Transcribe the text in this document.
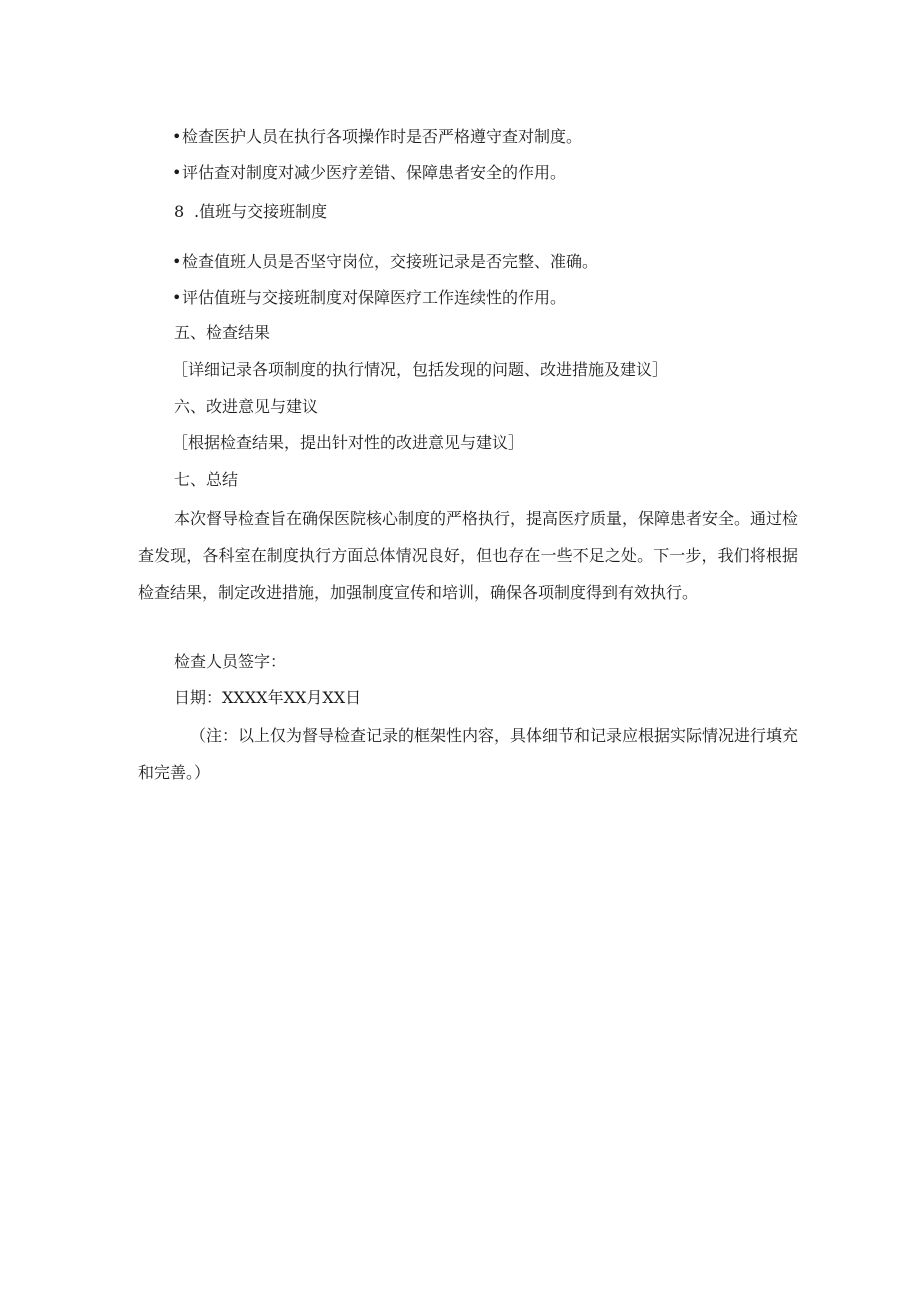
•检查医护人员在执行各项操作时是否严格遵守查对制度。
•评估查对制度对减少医疗差错、保障患者安全的作用。
8 .值班与交接班制度
•检查值班人员是否坚守岗位，交接班记录是否完整、准确。
•评估值班与交接班制度对保障医疗工作连续性的作用。
五、检查结果
［详细记录各项制度的执行情况，包括发现的问题、改进措施及建议］
六、改进意见与建议
［根据检查结果，提出针对性的改进意见与建议］
七、总结
本次督导检查旨在确保医院核心制度的严格执行，提高医疗质量，保障患者安全。通过检查发现，各科室在制度执行方面总体情况良好，但也存在一些不足之处。下一步，我们将根据检查结果，制定改进措施，加强制度宣传和培训，确保各项制度得到有效执行。
检查人员签字：
日期：XXXX年XX月XX日
（注：以上仅为督导检查记录的框架性内容，具体细节和记录应根据实际情况进行填充和完善。）
